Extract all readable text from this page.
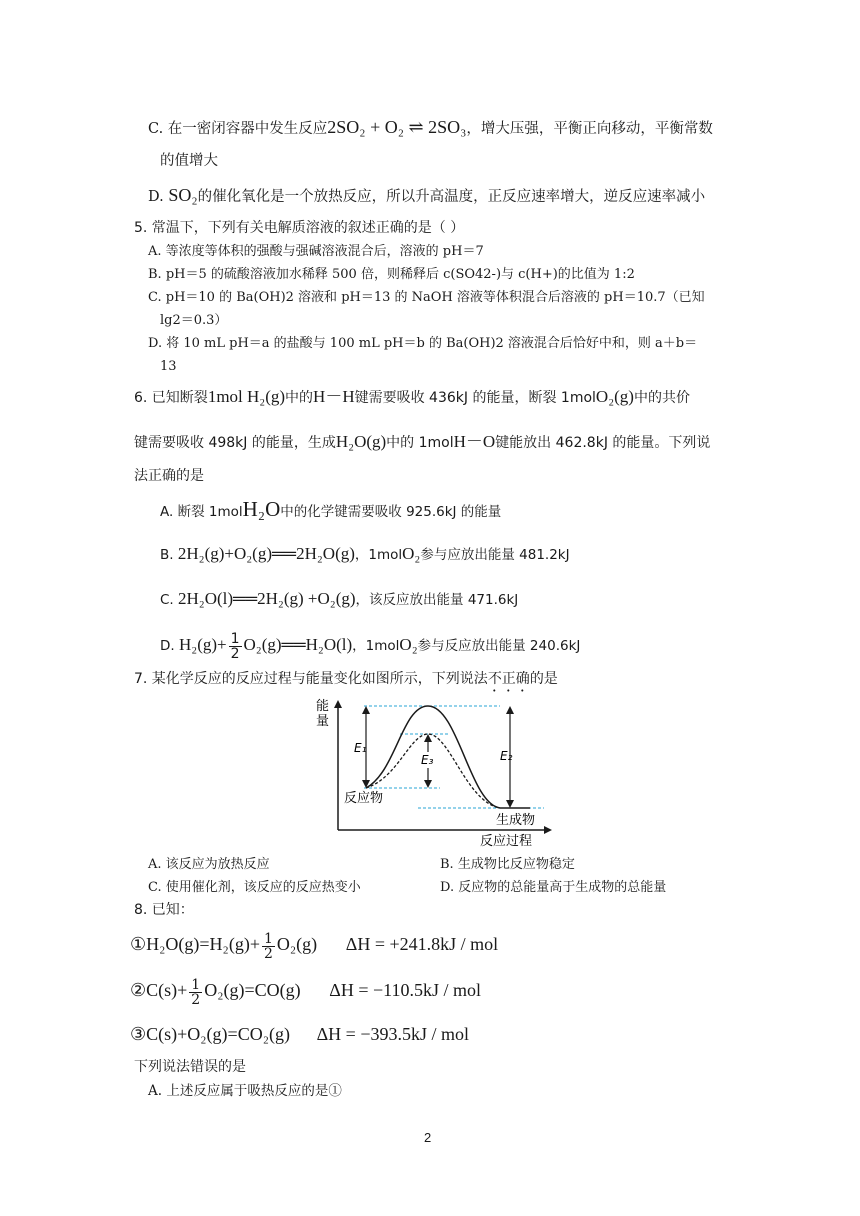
C. 在一密闭容器中发生反应2SO₂ + O₂ ⇌ 2SO₃，增大压强，平衡正向移动，平衡常数
的值增大
D. SO₂的催化氧化是一个放热反应，所以升高温度，正反应速率增大，逆反应速率减小
5. 常温下，下列有关电解质溶液的叙述正确的是（ ）
A. 等浓度等体积的强酸与强碱溶液混合后，溶液的 pH＝7
B. pH＝5 的硫酸溶液加水稀释 500 倍，则稀释后 c(SO42-)与 c(H+)的比值为 1:2
C. pH＝10 的 Ba(OH)2 溶液和 pH＝13 的 NaOH 溶液等体积混合后溶液的 pH＝10.7（已知
lg2＝0.3）
D. 将 10 mL pH＝a 的盐酸与 100 mL pH＝b 的 Ba(OH)2 溶液混合后恰好中和，则 a＋b＝
13
6. 已知断裂1mol H₂(g)中的H－H键需要吸收 436kJ 的能量，断裂 1molO₂(g)中的共价
键需要吸收 498kJ 的能量，生成H₂O(g)中的 1molH－O键能放出 462.8kJ 的能量。下列说
法正确的是
A. 断裂 1molH₂O中的化学键需要吸收 925.6kJ 的能量
B. 2H₂(g)+O₂(g)══2H₂O(g)，1molO₂参与应放出能量 481.2kJ
C. 2H₂O(l)══2H₂(g) +O₂(g)，该反应放出能量 471.6kJ
D. $H_2(g)+ \frac{1}{2}$ O₂(g)══H₂O(l)，1molO₂参与反应放出能量 240.6kJ
7. 某化学反应的反应过程与能量变化如图所示，下列说法不正确的是
能
量
E₁
E₃	E₂
反应物
生成物
反应过程
A. 该反应为放热反应	B. 生成物比反应物稳定
C. 使用催化剂，该反应的反应热变小	D. 反应物的总能量高于生成物的总能量
8. 已知：
①H₂O(g)=H₂(g)+ $\frac{1}{2} O_2(g) \Delta H = +241.8kJ$ / mol
②C(s)+ $\frac{1}{2} O_2(g)=CO(g) \Delta H = -110.5kJ$ / mol
③C(s)+O₂(g)=CO₂(g) ΔH = −393.5kJ / mol
下列说法错误的是
A. 上述反应属于吸热反应的是①
2
